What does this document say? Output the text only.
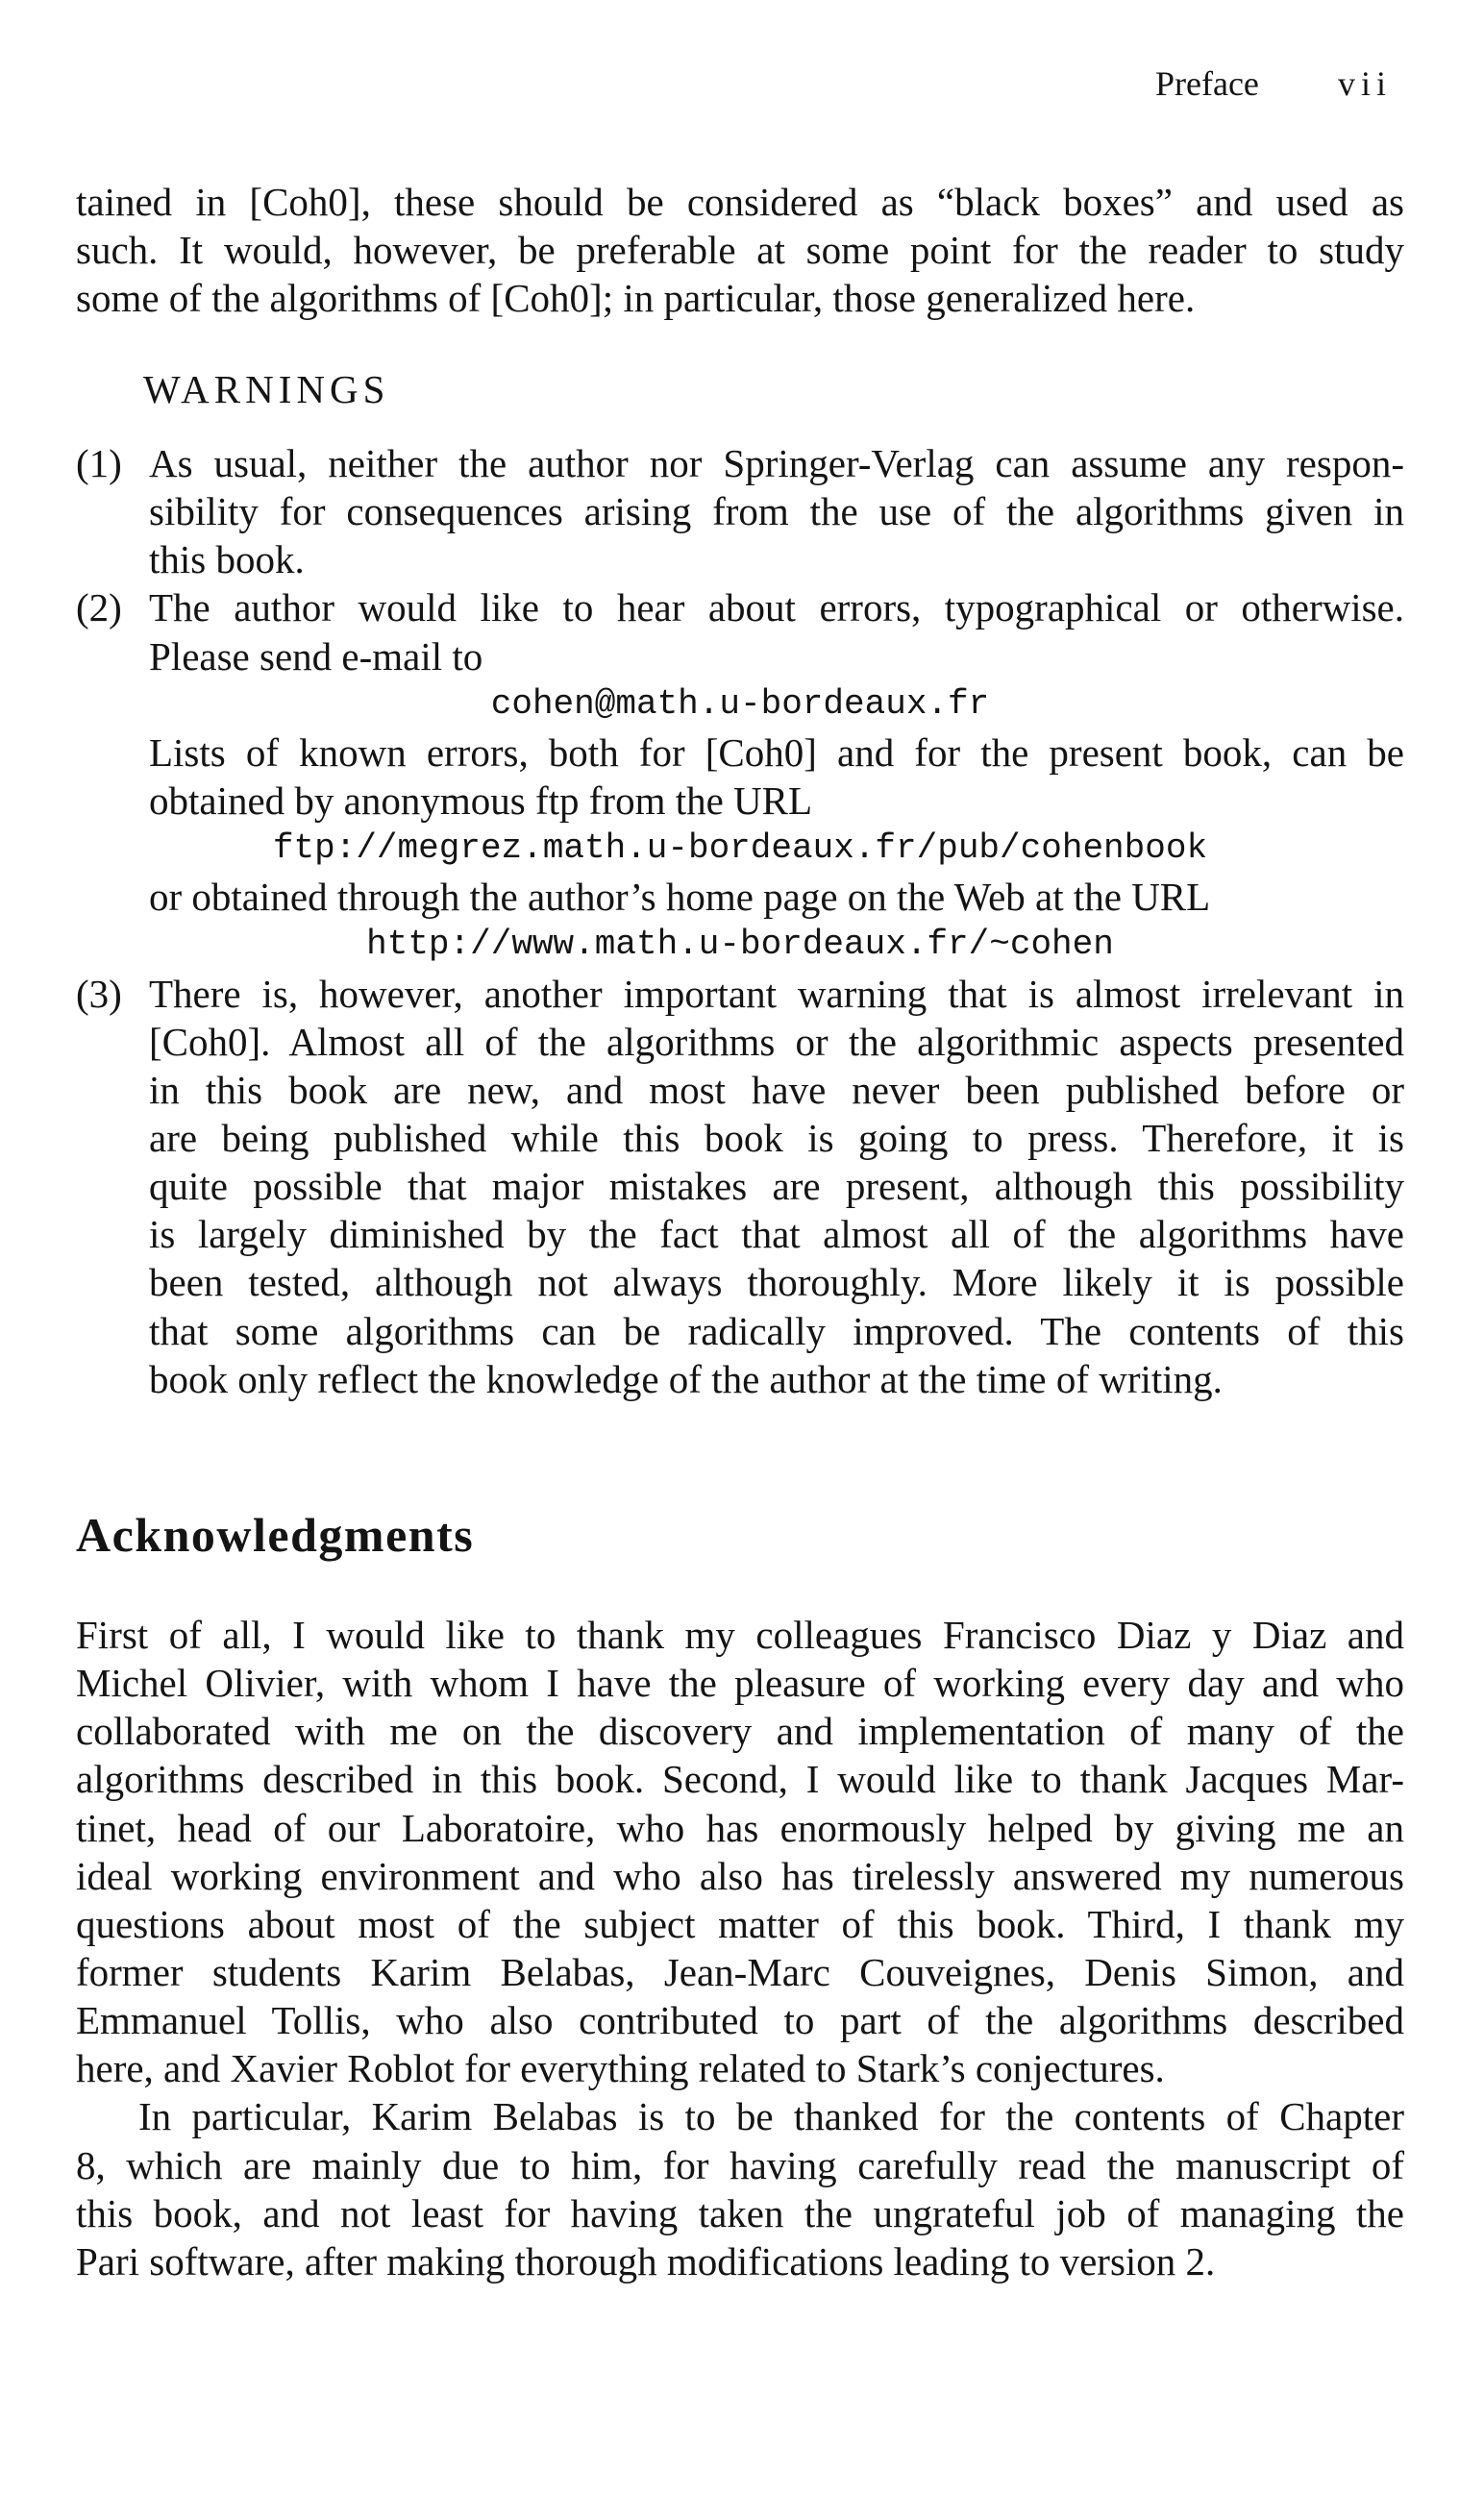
Preface vii
tained in [Coh0], these should be considered as “black boxes” and used as
such. It would, however, be preferable at some point for the reader to study
some of the algorithms of [Coh0]; in particular, those generalized here.
WARNINGS
(1) As usual, neither the author nor Springer-Verlag can assume any respon-
sibility for consequences arising from the use of the algorithms given in
this book.
(2) The author would like to hear about errors, typographical or otherwise.
Please send e-mail to
cohen@math.u-bordeaux.fr
Lists of known errors, both for [Coh0] and for the present book, can be
obtained by anonymous ftp from the URL
ftp://megrez.math.u-bordeaux.fr/pub/cohenbook
or obtained through the author’s home page on the Web at the URL
http://www.math.u-bordeaux.fr/~cohen
(3) There is, however, another important warning that is almost irrelevant in
[Coh0]. Almost all of the algorithms or the algorithmic aspects presented
in this book are new, and most have never been published before or
are being published while this book is going to press. Therefore, it is
quite possible that major mistakes are present, although this possibility
is largely diminished by the fact that almost all of the algorithms have
been tested, although not always thoroughly. More likely it is possible
that some algorithms can be radically improved. The contents of this
book only reflect the knowledge of the author at the time of writing.
Acknowledgments
First of all, I would like to thank my colleagues Francisco Diaz y Diaz and
Michel Olivier, with whom I have the pleasure of working every day and who
collaborated with me on the discovery and implementation of many of the
algorithms described in this book. Second, I would like to thank Jacques Mar-
tinet, head of our Laboratoire, who has enormously helped by giving me an
ideal working environment and who also has tirelessly answered my numerous
questions about most of the subject matter of this book. Third, I thank my
former students Karim Belabas, Jean-Marc Couveignes, Denis Simon, and
Emmanuel Tollis, who also contributed to part of the algorithms described
here, and Xavier Roblot for everything related to Stark’s conjectures.
In particular, Karim Belabas is to be thanked for the contents of Chapter
8, which are mainly due to him, for having carefully read the manuscript of
this book, and not least for having taken the ungrateful job of managing the
Pari software, after making thorough modifications leading to version 2.
